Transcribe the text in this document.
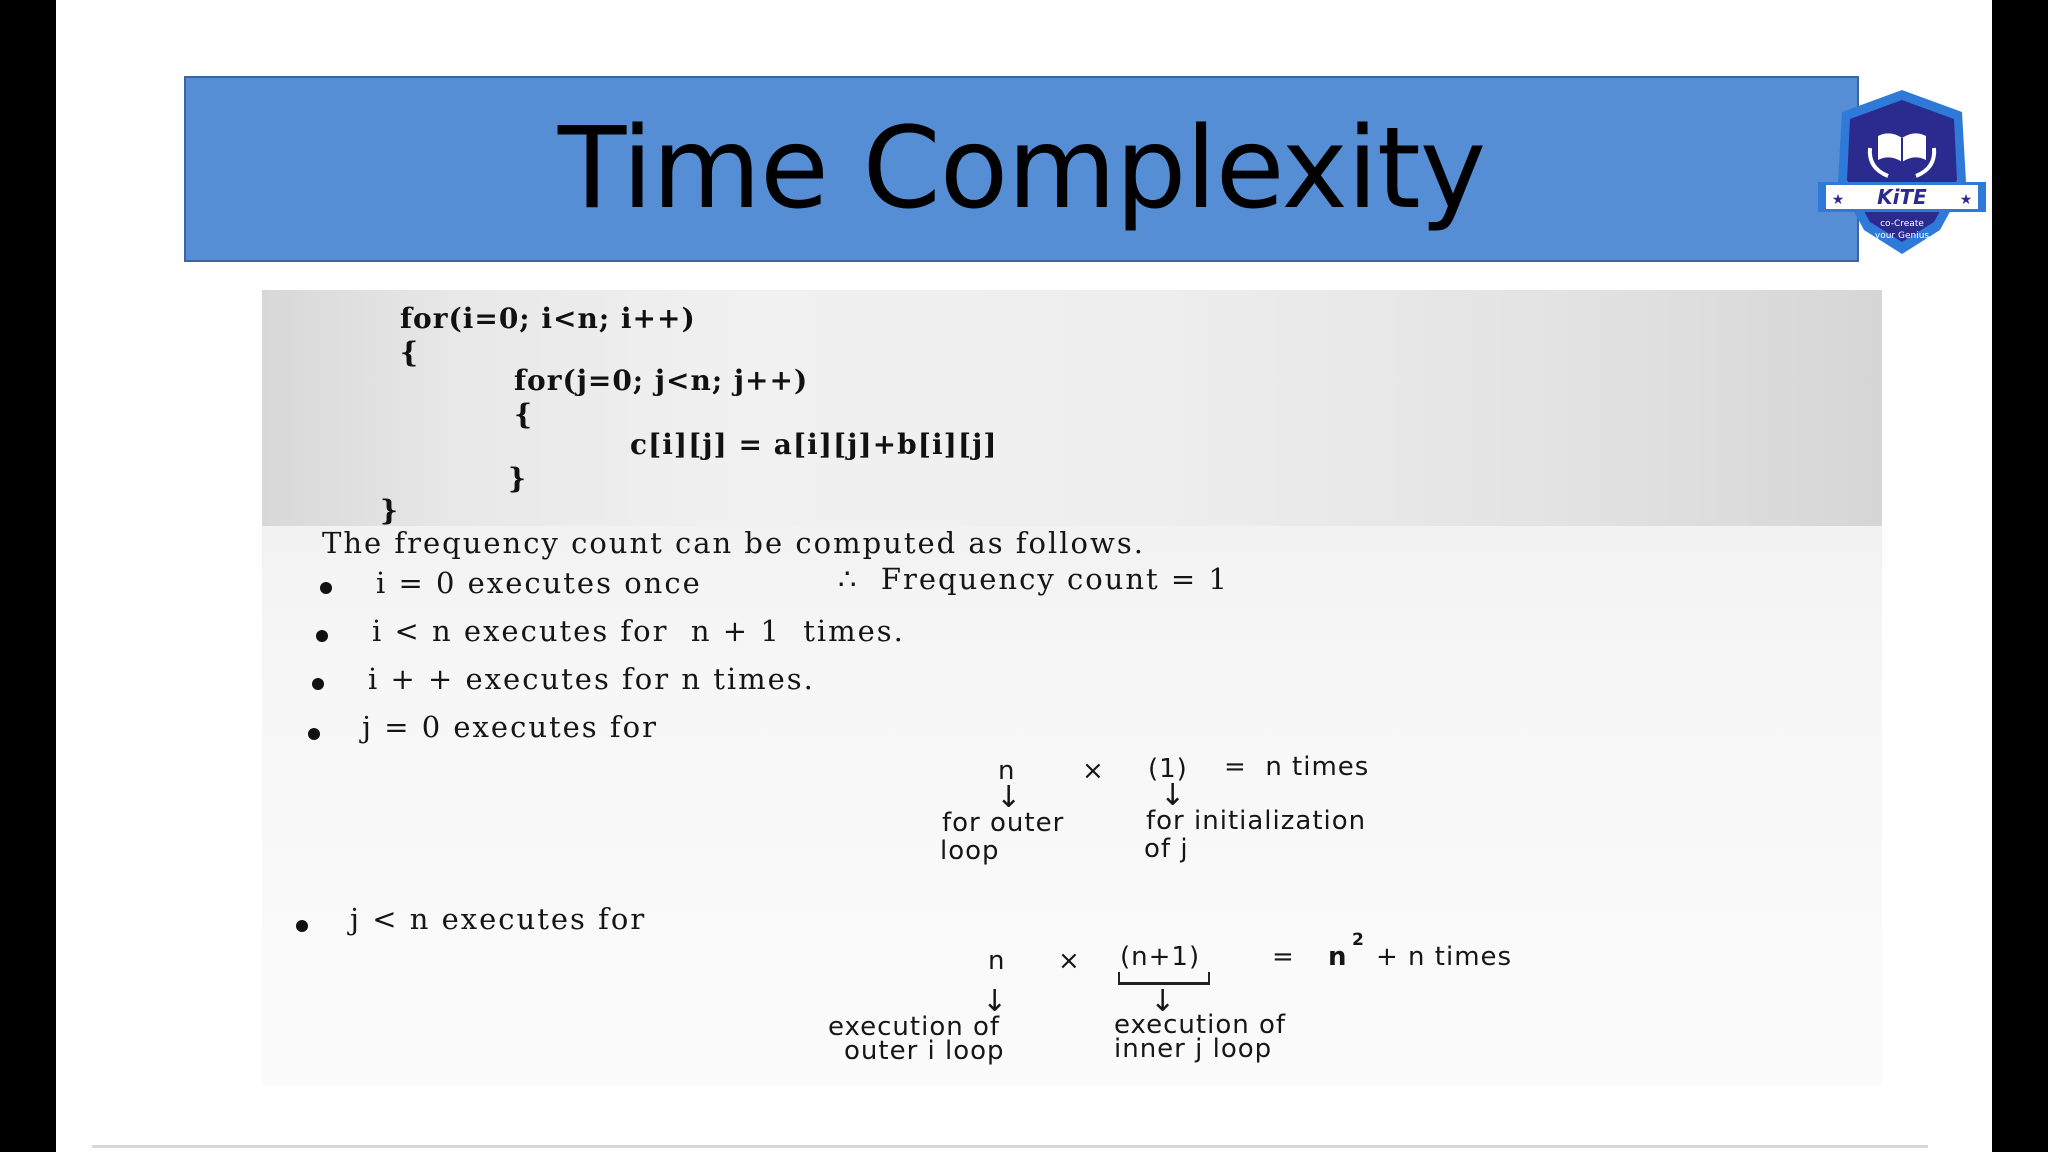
Time Complexity	KiTE
★	★
co-Create
your Genius
for(i=0; i<n; i++)
{
for(j=0; j<n; j++)
{
c[i][j] = a[i][j]+b[i][j]
}
}
The frequency count can be computed as follows.
i = 0 executes once	∴  Frequency count = 1
i < n executes for  n + 1  times.
i + + executes for n times.
j = 0 executes for
n	× (1) =  n times
↓	↓
for outer
loop
for initialization
of j
j < n executes for
n × (n+1)	= n
2
+ n times
↓	↓
execution of
outer i loop
execution of
inner j loop
